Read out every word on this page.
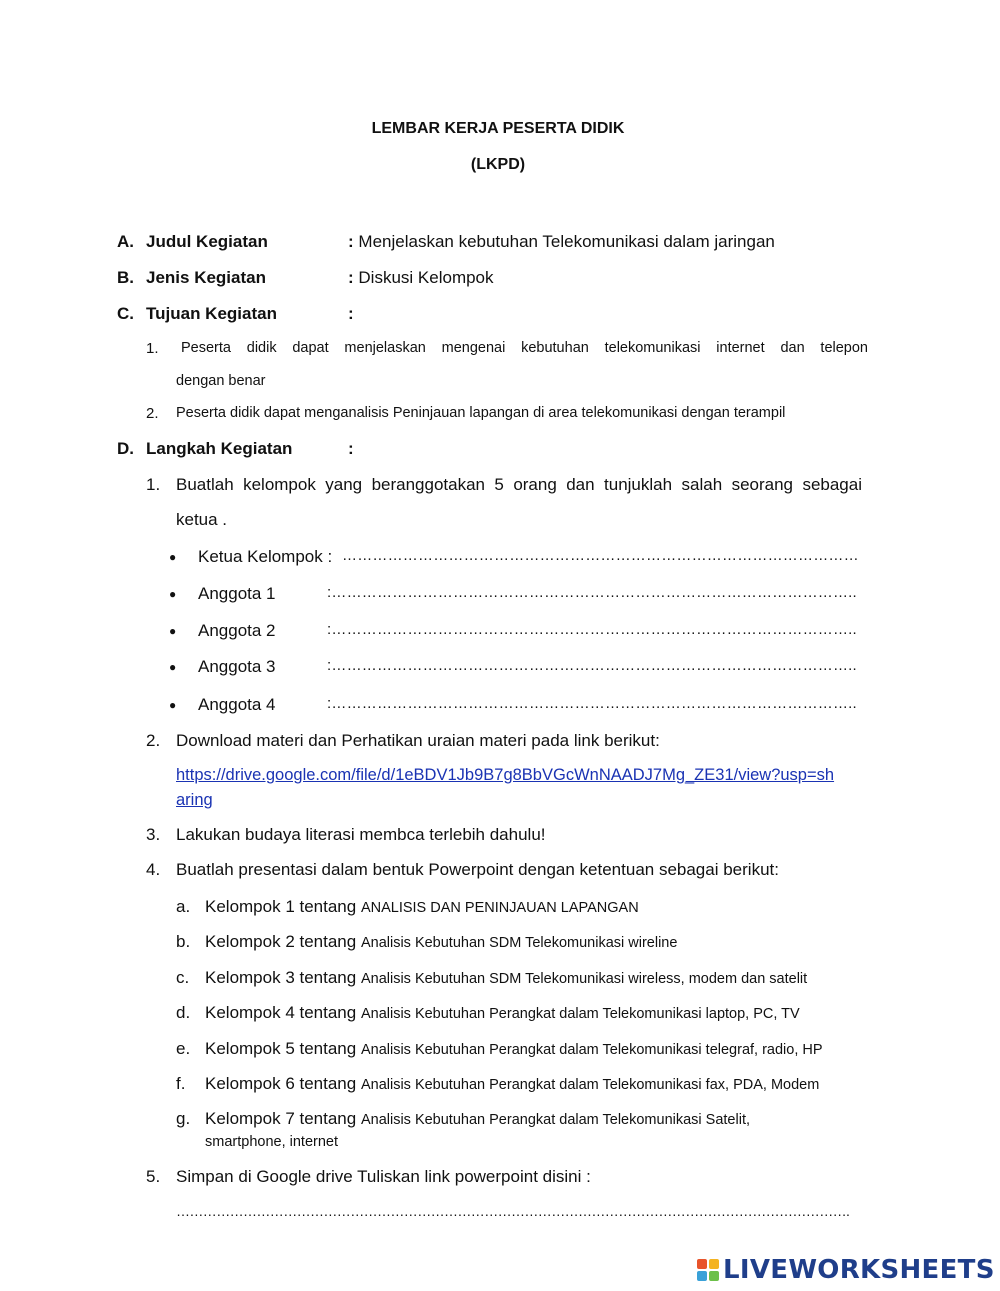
LEMBAR KERJA PESERTA DIDIK
(LKPD)
A. Judul Kegiatan	: Menjelaskan kebutuhan Telekomunikasi dalam jaringan
B. Jenis Kegiatan	: Diskusi Kelompok
C. Tujuan Kegiatan	:
1. Peserta didik dapat menjelaskan mengenai kebutuhan telekomunikasi internet dan telepon
dengan benar
2. Peserta didik dapat menganalisis Peninjauan lapangan di area telekomunikasi dengan terampil
D. Langkah Kegiatan	:
1. Buatlah kelompok yang beranggotakan 5 orang dan tunjuklah salah seorang sebagai
ketua .
● Ketua Kelompok : …………………………………………………………………………………………
● Anggota 1	:…………………………………………………………………………………………..
● Anggota 2	:…………………………………………………………………………………………..
● Anggota 3	:…………………………………………………………………………………………..
● Anggota 4	:…………………………………………………………………………………………..
2. Download materi dan Perhatikan uraian materi pada link berikut:
https://drive.google.com/file/d/1eBDV1Jb9B7g8BbVGcWnNAADJ7Mg_ZE31/view?usp=sh
aring
3. Lakukan budaya literasi membca terlebih dahulu!
4. Buatlah presentasi dalam bentuk Powerpoint dengan ketentuan sebagai berikut:
a. Kelompok 1 tentang ANALISIS DAN PENINJAUAN LAPANGAN
b. Kelompok 2 tentang Analisis Kebutuhan SDM Telekomunikasi wireline
c. Kelompok 3 tentang Analisis Kebutuhan SDM Telekomunikasi wireless, modem dan satelit
d. Kelompok 4 tentang Analisis Kebutuhan Perangkat dalam Telekomunikasi laptop, PC, TV
e. Kelompok 5 tentang Analisis Kebutuhan Perangkat dalam Telekomunikasi telegraf, radio, HP
f. Kelompok 6 tentang Analisis Kebutuhan Perangkat dalam Telekomunikasi fax, PDA, Modem
g. Kelompok 7 tentang Analisis Kebutuhan Perangkat dalam Telekomunikasi Satelit,
smartphone, internet
5. Simpan di Google drive Tuliskan link powerpoint disini :
…………………………………………………………………………………………………………………………………….
LIVEWORKSHEETS
